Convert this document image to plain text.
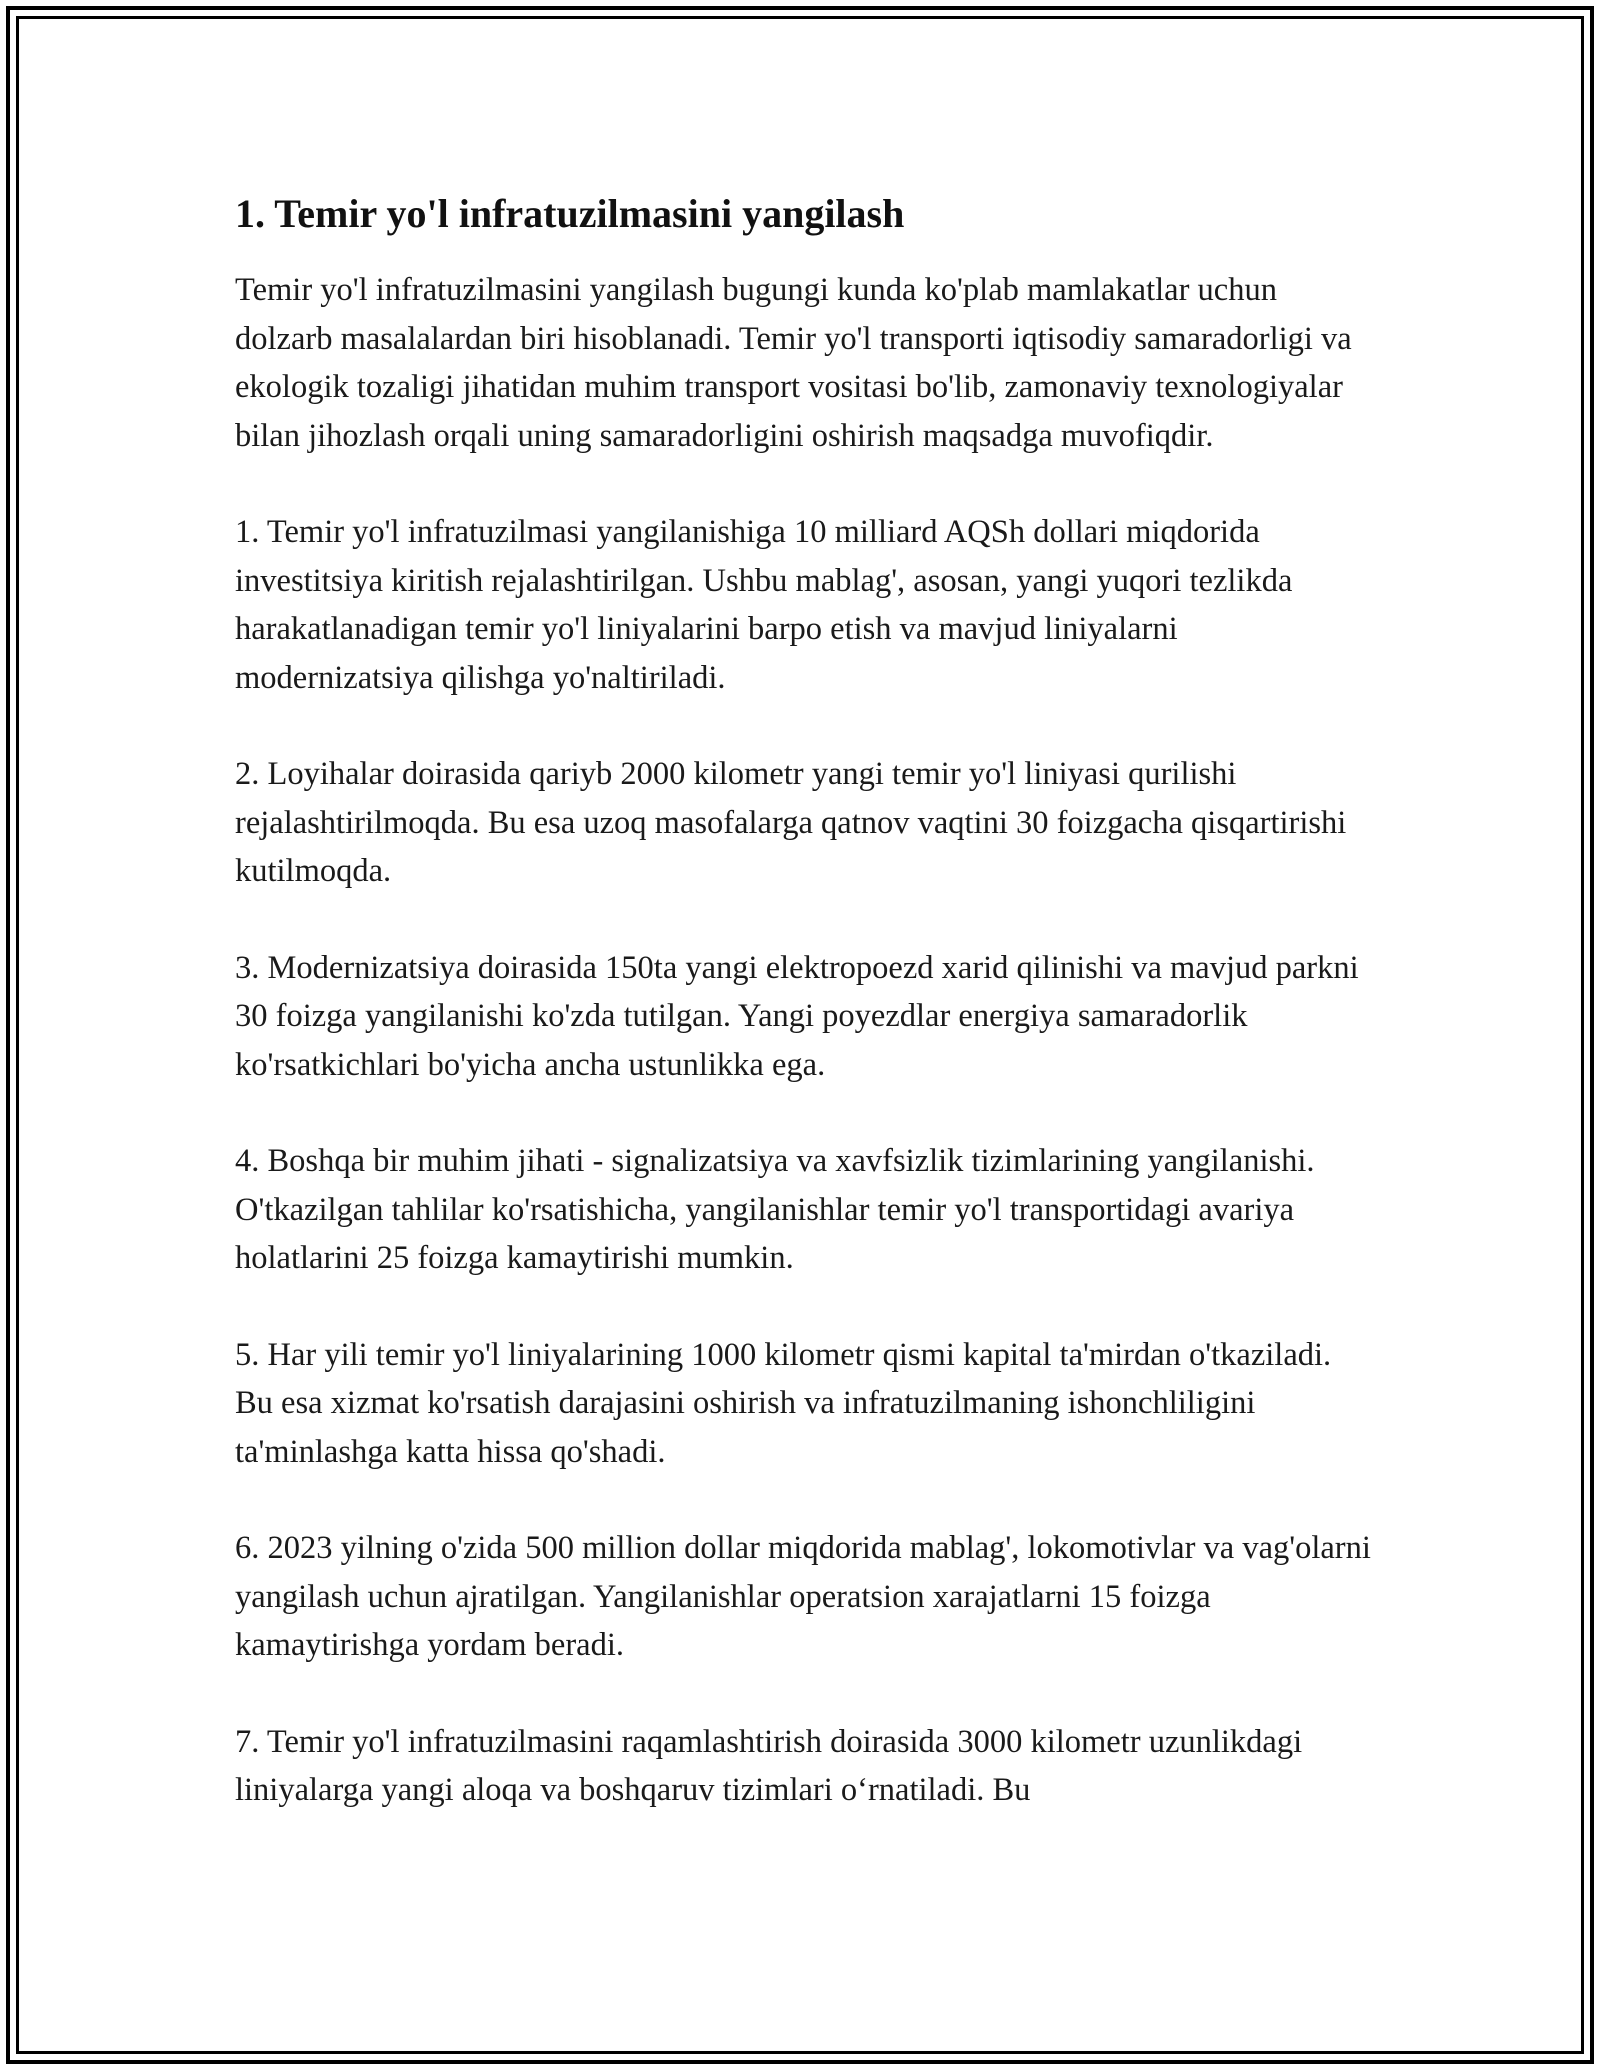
1. Temir yo'l infratuzilmasini yangilash

Temir yo'l infratuzilmasini yangilash bugungi kunda ko'plab mamlakatlar uchun dolzarb masalalardan biri hisoblanadi. Temir yo'l transporti iqtisodiy samaradorligi va ekologik tozaligi jihatidan muhim transport vositasi bo'lib, zamonaviy texnologiyalar bilan jihozlash orqali uning samaradorligini oshirish maqsadga muvofiqdir.

1. Temir yo'l infratuzilmasi yangilanishiga 10 milliard AQSh dollari miqdorida investitsiya kiritish rejalashtirilgan. Ushbu mablag', asosan, yangi yuqori tezlikda harakatlanadigan temir yo'l liniyalarini barpo etish va mavjud liniyalarni modernizatsiya qilishga yo'naltiriladi.

2. Loyihalar doirasida qariyb 2000 kilometr yangi temir yo'l liniyasi qurilishi rejalashtirilmoqda. Bu esa uzoq masofalarga qatnov vaqtini 30 foizgacha qisqartirishi kutilmoqda.

3. Modernizatsiya doirasida 150ta yangi elektropoezd xarid qilinishi va mavjud parkni 30 foizga yangilanishi ko'zda tutilgan. Yangi poyezdlar energiya samaradorlik ko'rsatkichlari bo'yicha ancha ustunlikka ega.

4. Boshqa bir muhim jihati - signalizatsiya va xavfsizlik tizimlarining yangilanishi. O'tkazilgan tahlilar ko'rsatishicha, yangilanishlar temir yo'l transportidagi avariya holatlarini 25 foizga kamaytirishi mumkin.

5. Har yili temir yo'l liniyalarining 1000 kilometr qismi kapital ta'mirdan o'tkaziladi. Bu esa xizmat ko'rsatish darajasini oshirish va infratuzilmaning ishonchliligini ta'minlashga katta hissa qo'shadi.

6. 2023 yilning o'zida 500 million dollar miqdorida mablag', lokomotivlar va vag'olarni yangilash uchun ajratilgan. Yangilanishlar operatsion xarajatlarni 15 foizga kamaytirishga yordam beradi.

7. Temir yo'l infratuzilmasini raqamlashtirish doirasida 3000 kilometr uzunlikdagi liniyalarga yangi aloqa va boshqaruv tizimlari o‘rnatiladi. Bu
